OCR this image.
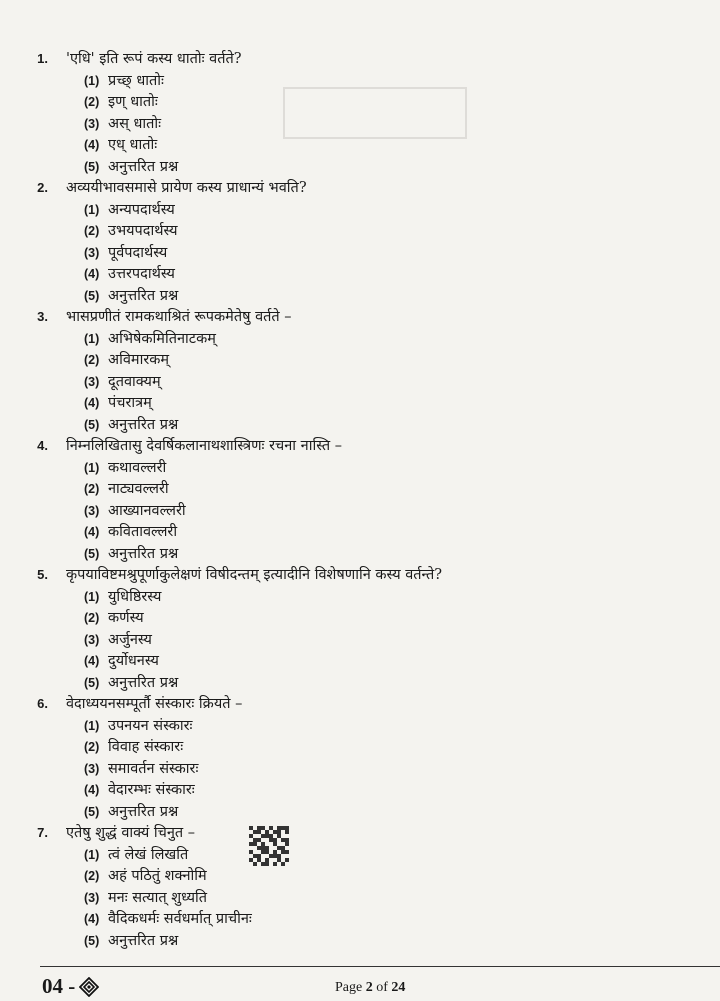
1.	'एधि' इति रूपं कस्य धातोः वर्तते?
(1) प्रच्छ् धातोः
(2) इण् धातोः
(3) अस् धातोः
(4) एध् धातोः
(5) अनुत्तरित प्रश्न
2.	अव्ययीभावसमासे प्रायेण कस्य प्राधान्यं भवति?
(1) अन्यपदार्थस्य
(2) उभयपदार्थस्य
(3) पूर्वपदार्थस्य
(4) उत्तरपदार्थस्य
(5) अनुत्तरित प्रश्न
3.	भासप्रणीतं रामकथाश्रितं रूपकमेतेषु वर्तते –
(1) अभिषेकमितिनाटकम्
(2) अविमारकम्
(3) दूतवाक्यम्
(4) पंचरात्रम्
(5) अनुत्तरित प्रश्न
4.	निम्नलिखितासु देवर्षिकलानाथशास्त्रिणः रचना नास्ति –
(1) कथावल्लरी
(2) नाट्यवल्लरी
(3) आख्यानवल्लरी
(4) कवितावल्लरी
(5) अनुत्तरित प्रश्न
5.	कृपयाविष्टमश्रुपूर्णाकुलेक्षणं विषीदन्तम् इत्यादीनि विशेषणानि कस्य वर्तन्ते?
(1) युधिष्ठिरस्य
(2) कर्णस्य
(3) अर्जुनस्य
(4) दुर्योधनस्य
(5) अनुत्तरित प्रश्न
6.	वेदाध्ययनसम्पूर्तौ संस्कारः क्रियते –
(1) उपनयन संस्कारः
(2) विवाह संस्कारः
(3) समावर्तन संस्कारः
(4) वेदारम्भः संस्कारः
(5) अनुत्तरित प्रश्न
7.	एतेषु शुद्धं वाक्यं चिनुत –
(1) त्वं लेखं लिखति
(2) अहं पठितुं शक्नोमि
(3) मनः सत्यात् शुध्यति
(4) वैदिकधर्मः सर्वधर्मात् प्राचीनः
(5) अनुत्तरित प्रश्न
04 -	Page 2 of 24
